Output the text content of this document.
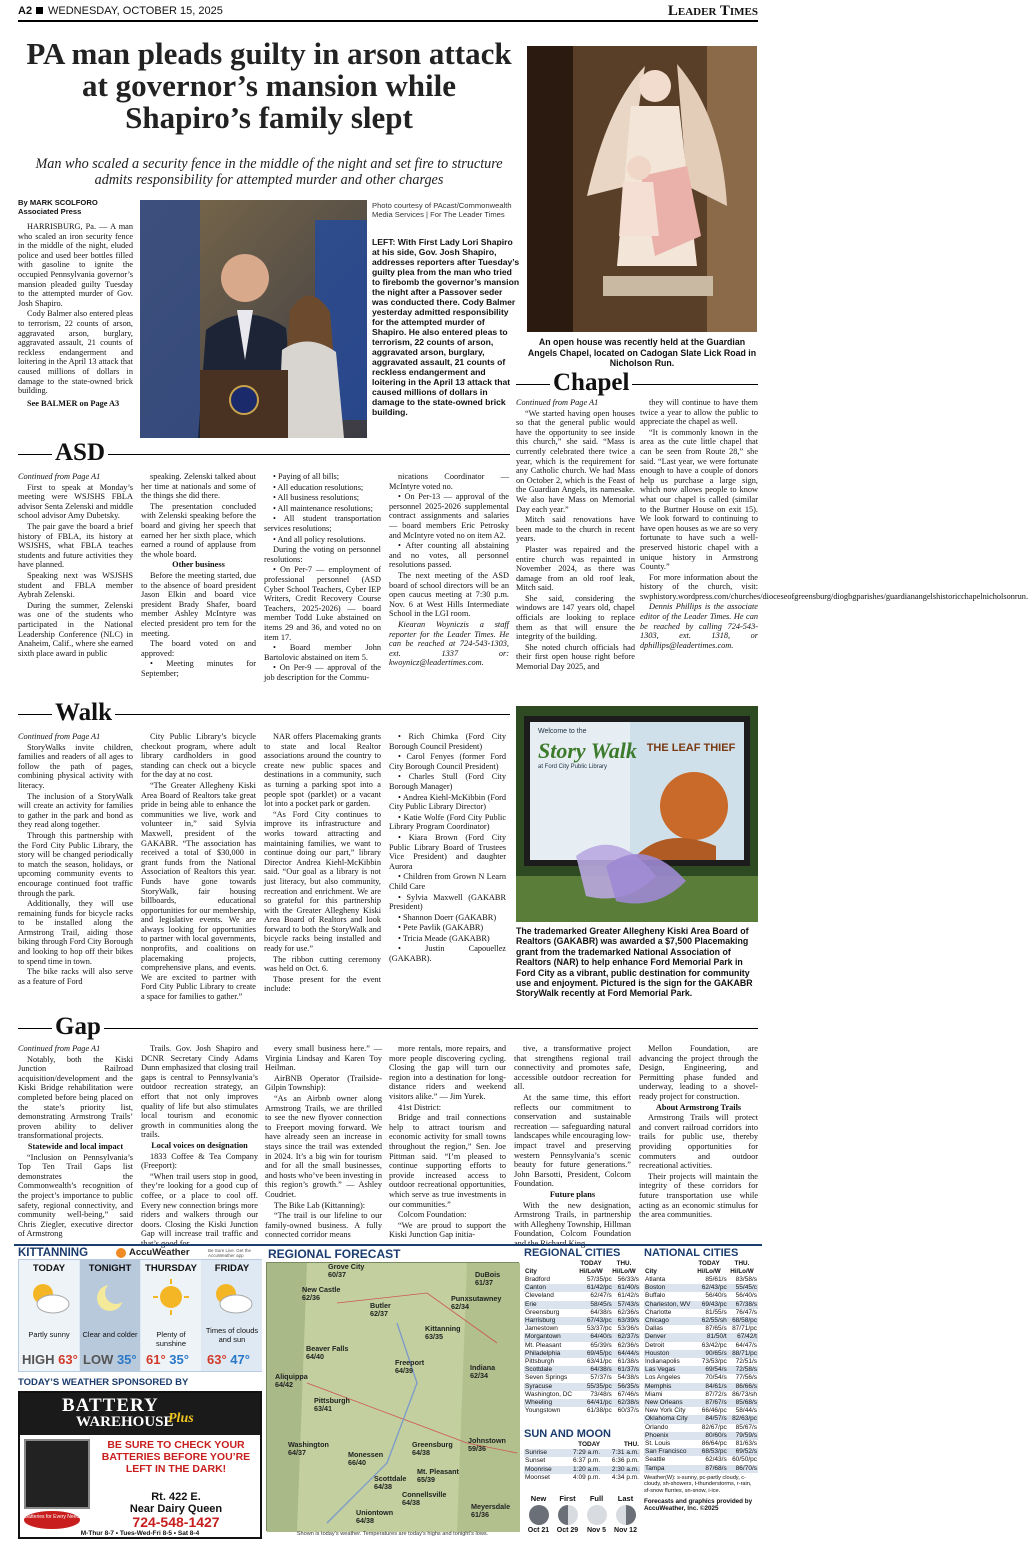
A2 WEDNESDAY, OCTOBER 15, 2025	Leader Times
PA man pleads guilty in arson attack at governor’s mansion while Shapiro’s family slept
Man who scaled a security fence in the middle of the night and set fire to structure admits responsibility for attempted murder and other charges
By MARK SCOLFORO
Associated Press

HARRISBURG, Pa. — A man who scaled an iron security fence in the middle of the night, eluded police and used beer bottles filled with gasoline to ignite the occupied Pennsylvania governor’s mansion pleaded guilty Tuesday to the attempted murder of Gov. Josh Shapiro.

Cody Balmer also entered pleas to terrorism, 22 counts of arson, aggravated arson, burglary, aggravated assault, 21 counts of reckless endangerment and loitering in the April 13 attack that caused millions of dollars in damage to the state-owned brick building.

See BALMER on Page A3

Photo courtesy of PAcast/Commonwealth Media Services | For The Leader Times
LEFT: With First Lady Lori Shapiro at his side, Gov. Josh Shapiro, addresses reporters after Tuesday’s guilty plea from the man who tried to firebomb the governor’s mansion the night after a Passover seder was conducted there. Cody Balmer yesterday admitted responsibility for the attempted murder of Shapiro. He also entered pleas to terrorism, 22 counts of arson, aggravated arson, burglary, aggravated assault, 21 counts of reckless endangerment and loitering in the April 13 attack that caused millions of dollars in damage to the state-owned brick building.
An open house was recently held at the Guardian Angels Chapel, located on Cadogan Slate Lick Road in Nicholson Run.
Chapel

Continued from Page A1

“We started having open houses so that the general public would have the opportunity to see inside this church,” she said. “Mass is currently celebrated there twice a year, which is the requirement for any Catholic church. We had Mass on October 2, which is the Feast of the Guardian Angels, its namesake. We also have Mass on Memorial Day each year.”

Mitch said renovations have been made to the church in recent years.

Plaster was repaired and the entire church was repainted in November 2024, as there was damage from an old roof leak, Mitch said.

She said, considering the windows are 147 years old, chapel officials are looking to replace them as that will ensure the integrity of the building.

She noted church officials had their first open house right before Memorial Day 2025, and

they will continue to have them twice a year to allow the public to appreciate the chapel as well.

“It is commonly known in the area as the cute little chapel that can be seen from Route 28,” she said. “Last year, we were fortunate enough to have a couple of donors help us purchase a large sign, which now allows people to know what our chapel is called (similar to the Burtner House on exit 15). We look forward to continuing to have open houses as we are so very fortunate to have such a well-preserved historic chapel with a unique history in Armstrong County.”

For more information about the history of the church, visit: swphistory.wordpress.com/churches/dioceseofgreensburg/diogbgparishes/guardianangelshistoricchapelnicholsonrun.

Dennis Phillips is the associate editor of the Leader Times. He can be reached by calling 724-543-1303, ext. 1318, or dphillips@leadertimes.com.

ASD

Continued from Page A1

First to speak at Monday’s meeting were WSJSHS FBLA advisor Senta Zelenski and middle school advisor Amy Dubetsky.

The pair gave the board a brief history of FBLA, its history at WSJSHS, what FBLA teaches students and future activities they have planned.

Speaking next was WSJSHS student and FBLA member Aybrah Zelenski.

During the summer, Zelenski was one of the students who participated in the National Leadership Conference (NLC) in Anaheim, Calif., where she earned sixth place award in public

speaking. Zelenski talked about her time at nationals and some of the things she did there.

The presentation concluded with Zelenski speaking before the board and giving her speech that earned her her sixth place, which earned a round of applause from the whole board.

Other business

Before the meeting started, due to the absence of board president Jason Elkin and board vice president Brady Shafer, board member Ashley McIntyre was elected president pro tem for the meeting.

The board voted on and approved:

• Meeting minutes for September;

• Paying of all bills;

• All education resolutions;

• All business resolutions;

• All maintenance resolutions;

• All student transportation services resolutions;

• And all policy resolutions.

During the voting on personnel resolutions:

• On Per-7 — employment of professional personnel (ASD Cyber School Teachers, Cyber IEP Writers, Credit Recovery Course Teachers, 2025-2026) — board member Todd Luke abstained on items 29 and 36, and voted no on item 17.

• Board member John Bartolovic abstained on item 5.

• On Per-9 — approval of the job description for the Commu-

nications Coordinator — McIntyre voted no.

• On Per-13 — approval of the personnel 2025-2026 supplemental contract assignments and salaries — board members Eric Petrosky and McIntyre voted no on item A2.

• After counting all abstaining and no votes, all personnel resolutions passed.

The next meeting of the ASD board of school directors will be an open caucus meeting at 7:30 p.m. Nov. 6 at West Hills Intermediate School in the LGI room.

Kiearan Woyniczis a staff reporter for the Leader Times. He can be reached at 724-543-1303, ext. 1337 or: kwoynicz@leadertimes.com.

Walk

Continued from Page A1

StoryWalks invite children, families and readers of all ages to follow the path of pages, combining physical activity with literacy.

The inclusion of a StoryWalk will create an activity for families to gather in the park and bond as they read along together.

Through this partnership with the Ford City Public Library, the story will be changed periodically to match the season, holidays, or upcoming community events to encourage continued foot traffic through the park.

Additionally, they will use remaining funds for bicycle racks to be installed along the Armstrong Trail, aiding those biking through Ford City Borough and looking to hop off their bikes to spend time in town.

The bike racks will also serve as a feature of Ford

City Public Library’s bicycle checkout program, where adult library cardholders in good standing can check out a bicycle for the day at no cost.

“The Greater Allegheny Kiski Area Board of Realtors take great pride in being able to enhance the communities we live, work and volunteer in,” said Sylvia Maxwell, president of the GAKABR. “The association has received a total of $30,000 in grant funds from the National Association of Realtors this year. Funds have gone towards StoryWalk, fair housing billboards, educational opportunities for our membership, and legislative events. We are always looking for opportunities to partner with local governments, nonprofits, and coalitions on placemaking projects, comprehensive plans, and events. We are excited to partner with Ford City Public Library to create a space for families to gather.”

NAR offers Placemaking grants to state and local Realtor associations around the country to create new public spaces and destinations in a community, such as turning a parking spot into a people spot (parklet) or a vacant lot into a pocket park or garden.

“As Ford City continues to improve its infrastructure and works toward attracting and maintaining families, we want to continue doing our part,” library Director Andrea Kiehl-McKibbin said. “Our goal as a library is not just literacy, but also community, recreation and enrichment. We are so grateful for this partnership with the Greater Allegheny Kiski Area Board of Realtors and look forward to both the StoryWalk and bicycle racks being installed and ready for use.”

The ribbon cutting ceremony was held on Oct. 6.

Those present for the event include:

• Rich Chimka (Ford City Borough Council President)

• Carol Fenyes (former Ford City Borough Council President)

• Charles Stull (Ford City Borough Manager)

• Andrea Kiehl-McKibbin (Ford City Public Library Director)

• Katie Wolfe (Ford City Public Library Program Coordinator)

• Kiara Brown (Ford City Public Library Board of Trustees Vice President) and daughter Aurora

• Children from Grown N Learn Child Care

• Sylvia Maxwell (GAKABR President)

• Shannon Doerr (GAKABR)

• Pete Pavlik (GAKABR)

• Tricia Meade (GAKABR)

• Justin Capouellez (GAKABR).

Welcome to the
Story Walk
at Ford City Public Library
THE LEAF THIEF
The trademarked Greater Allegheny Kiski Area Board of Realtors (GAKABR) was awarded a $7,500 Placemaking grant from the trademarked National Association of Realtors (NAR) to help enhance Ford Memorial Park in Ford City as a vibrant, public destination for community use and enjoyment. Pictured is the sign for the GAKABR StoryWalk recently at Ford Memorial Park.
Gap

Continued from Page A1

Notably, both the Kiski Junction Railroad acquisition/development and the Kiski Bridge rehabilitation were completed before being placed on the state’s priority list, demonstrating Armstrong Trails’ proven ability to deliver transformational projects.

Statewide and local impact

“Inclusion on Pennsylvania’s Top Ten Trail Gaps list demonstrates the Commonwealth’s recognition of the project’s importance to public safety, regional connectivity, and community well-being,” said Chris Ziegler, executive director of Armstrong

Trails. Gov. Josh Shapiro and DCNR Secretary Cindy Adams Dunn emphasized that closing trail gaps is central to Pennsylvania’s outdoor recreation strategy, an effort that not only improves quality of life but also stimulates local tourism and economic growth in communities along the trails.

Local voices on designation

1833 Coffee & Tea Company (Freeport):

“When trail users stop in good, they’re looking for a good cup of coffee, or a place to cool off. Every new connection brings more riders and walkers through our doors. Closing the Kiski Junction Gap will increase trail traffic and

every small business here.” — Virginia Lindsay and Karen Toy Heilman.

AirBNB Operator (Trailside-Gilpin Township):

“As an Airbnb owner along Armstrong Trails, we are thrilled to see the new flyover connection to Freeport moving forward. We have already seen an increase in stays since the trail was extended in 2024. It’s a big win for tourism and for all the small businesses, and hosts who’ve been investing in this region’s growth.” — Ashley Coudriet.

The Bike Lab (Kittanning):

“The trail is our lifeline to our family-owned business. A fully connected corridor means

more rentals, more repairs, and more people discovering cycling. Closing the gap will turn our region into a destination for long-distance riders and weekend visitors alike.” — Jim Yurek.

41st District:

Bridge and trail connections help to attract tourism and economic activity for small towns throughout the region,” Sen. Joe Pittman said. “I’m pleased to continue supporting efforts to provide increased access to outdoor recreational opportunities, which serve as true investments in our communities.”

Colcom Foundation:

“We are proud to support the Kiski Junction Gap initia-

tive, a transformative project that strengthens regional trail connectivity and promotes safe, accessible outdoor recreation for all.

At the same time, this effort reflects our commitment to conservation and sustainable recreation — safeguarding natural landscapes while encouraging low-impact travel and preserving western Pennsylvania’s scenic beauty for future generations.” John Barsotti, President, Colcom Foundation.

Future plans

With the new designation, Armstrong Trails, in partnership with Allegheny Township, Hillman Foundation, Colcom Foundation

Mellon Foundation, are advancing the project through the Design, Engineering, and Permitting phase funded and underway, leading to a shovel-ready project for construction.

About Armstrong Trails

Armstrong Trails will protect and convert railroad corridors into trails for public use, thereby providing opportunities for commuters and outdoor recreational activities.

Their projects will maintain the integrity of these corridors for future transportation use while acting as an economic stimulus for the area communities.

KITTANNING	AccuWeather	Be Sure Live. Get the AccuWeather app
TODAY	TONIGHT	THURSDAY	FRIDAY
Partly sunny	Clear and colder	Plenty of sunshine
Times of clouds and sun
HIGH 63° LOW 35° 61° 35° 63° 47°
TODAY’S WEATHER SPONSORED BY
BATTERY
WAREHOUSE
Plus
BE SURE TO CHECK YOUR BATTERIES BEFORE YOU’RE LEFT IN THE DARK!
Rt. 422 E.
Near Dairy Queen
724-548-1427
Batteries for Every Need
M-Thur 8-7 • Tues-Wed-Fri 8-5 • Sat 8-4
REGIONAL FORECAST
Grove City
60/37
New Castle
62/36
DuBois
61/37
Punxsutawney
62/34
Butler
62/37
Kittanning
63/35
Beaver Falls
64/40
Freeport
64/39	Indiana
62/34
Aliquippa
64/42
Pittsburgh
63/41
Washington
64/37	Monessen
66/40
Greensburg
64/38
Johnstown
59/36
Mt. Pleasant
65/39
Scottdale
64/38
Connellsville
64/38
Uniontown
64/38
Meyersdale
61/36
Shown is today’s weather. Temperatures are today’s highs and tonight’s lows.
REGIONAL CITIES
City
TODAY Hi/Lo/W
THU. Hi/Lo/W
Bradford	57/35/pc	56/33/s
Canton	61/42/pc	61/40/s
Cleveland	62/47/s	61/42/s
Erie	58/45/s	57/43/s
Greensburg	64/38/s	62/36/s
Harrisburg	67/43/pc	63/39/s
Jamestown	53/37/pc	53/36/s
Morgantown	64/40/s	62/37/s
Mt. Pleasant	65/39/s	62/36/s
Philadelphia	69/45/pc	64/44/s
Pittsburgh	63/41/pc	61/38/s
Scottdale	64/38/s	61/37/s
Seven Springs	57/37/s	54/38/s
Syracuse	55/35/pc	56/35/s
Washington, DC	73/48/s	67/46/s
Wheeling	64/41/pc	62/38/s
Youngstown	61/38/pc	60/37/s
SUN AND MOON
	TODAY	THU.
Sunrise	7:29 a.m.	7:31 a.m.
Sunset	6:37 p.m.	6:36 p.m.
Moonrise	1:20 a.m.	2:30 a.m.
Moonset	4:09 p.m.	4:34 p.m.
New
Oct 21
First
Oct 29
Full
Nov 5
Last
Nov 12
NATIONAL CITIES
City
TODAY Hi/Lo/W
THU. Hi/Lo/W
Atlanta	85/61/s	83/58/s
Boston	62/43/pc	55/45/c
Buffalo	56/40/s	56/40/s
Charleston, WV	69/43/pc	67/38/s
Charlotte	81/55/s	76/47/s
Chicago	62/55/sh	68/58/pc
Dallas	87/65/s	87/71/pc
Denver	81/50/t	67/42/t
Detroit	63/42/pc	64/47/s
Houston	90/65/s	88/71/pc
Indianapolis	73/53/pc	72/51/s
Las Vegas	69/54/s	72/58/s
Los Angeles	70/54/s	77/56/s
Memphis	84/61/s	86/66/s
Miami	87/72/s	86/73/sh
New Orleans	87/67/s	85/68/s
New York City	66/46/pc	58/44/s
Oklahoma City	84/57/s	82/63/pc
Orlando	82/67/pc	85/67/s
Phoenix	80/60/s	79/59/s
St. Louis	86/64/pc	81/63/s
San Francisco	68/53/pc	69/52/s
Seattle	62/43/s	60/50/pc
Tampa	87/68/s	86/70/s
Weather(W): s-sunny, pc-partly cloudy, c-cloudy, sh-showers, t-thunderstorms, r-rain, sf-snow flurries, sn-snow, i-ice.
Forecasts and graphics provided by AccuWeather, Inc. ©2025
